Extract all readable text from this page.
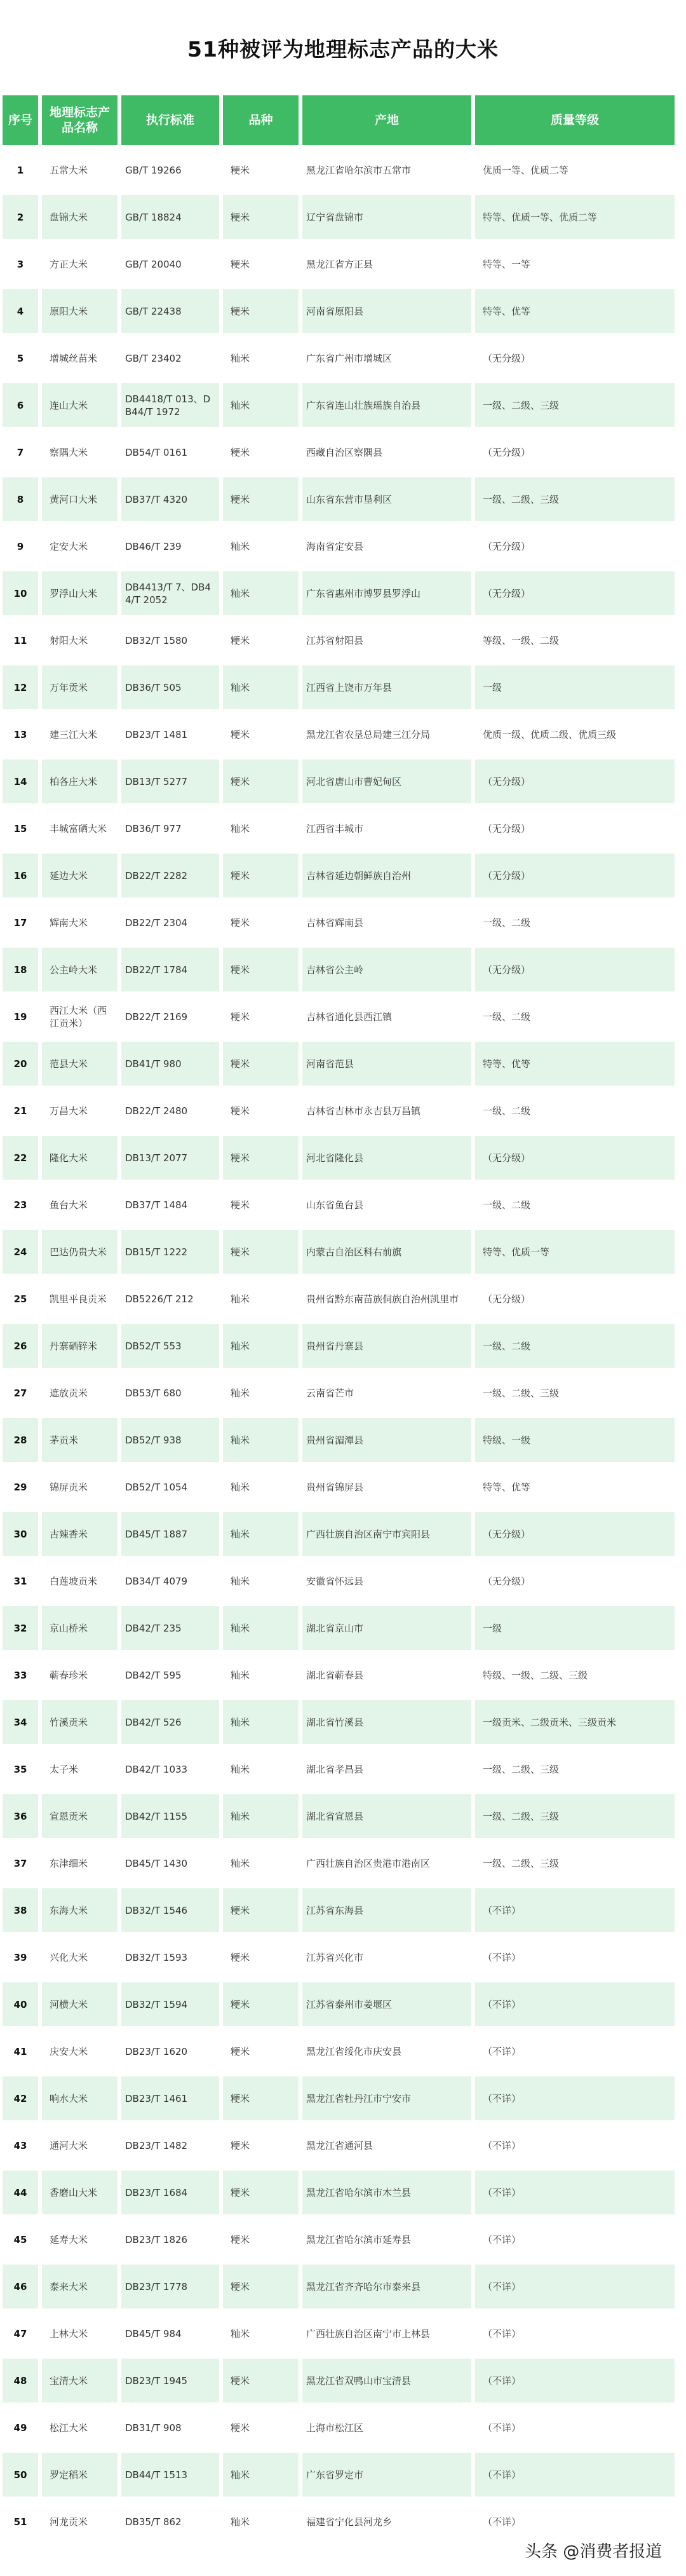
51种被评为地理标志产品的大米
序号	地理标志产品名称	执行标准	品种	产地	质量等级
1	五常大米	GB/T 19266	粳米	黑龙江省哈尔滨市五常市	优质一等、优质二等
2	盘锦大米	GB/T 18824	粳米	辽宁省盘锦市	特等、优质一等、优质二等
3	方正大米	GB/T 20040	粳米	黑龙江省方正县	特等、一等
4	原阳大米	GB/T 22438	粳米	河南省原阳县	特等、优等
5	增城丝苗米	GB/T 23402	籼米	广东省广州市增城区	（无分级）
6	连山大米	DB4418/T 013、DB44/T 1972	籼米	广东省连山壮族瑶族自治县	一级、二级、三级
7	察隅大米	DB54/T 0161	粳米	西藏自治区察隅县	（无分级）
8	黄河口大米	DB37/T 4320	粳米	山东省东营市垦利区	一级、二级、三级
9	定安大米	DB46/T 239	籼米	海南省定安县	（无分级）
10	罗浮山大米	DB4413/T 7、DB44/T 2052	籼米	广东省惠州市博罗县罗浮山	（无分级）
11	射阳大米	DB32/T 1580	粳米	江苏省射阳县	等级、一级、二级
12	万年贡米	DB36/T 505	籼米	江西省上饶市万年县	一级
13	建三江大米	DB23/T 1481	粳米	黑龙江省农垦总局建三江分局	优质一级、优质二级、优质三级
14	柏各庄大米	DB13/T 5277	粳米	河北省唐山市曹妃甸区	（无分级）
15	丰城富硒大米	DB36/T 977	籼米	江西省丰城市	（无分级）
16	延边大米	DB22/T 2282	粳米	吉林省延边朝鲜族自治州	（无分级）
17	辉南大米	DB22/T 2304	粳米	吉林省辉南县	一级、二级
18	公主岭大米	DB22/T 1784	粳米	吉林省公主岭	（无分级）
19	西江大米（西江贡米）	DB22/T 2169	粳米	吉林省通化县西江镇	一级、二级
20	范县大米	DB41/T 980	粳米	河南省范县	特等、优等
21	万昌大米	DB22/T 2480	粳米	吉林省吉林市永吉县万昌镇	一级、二级
22	隆化大米	DB13/T 2077	粳米	河北省隆化县	（无分级）
23	鱼台大米	DB37/T 1484	粳米	山东省鱼台县	一级、二级
24	巴达仍贵大米	DB15/T 1222	粳米	内蒙古自治区科右前旗	特等、优质一等
25	凯里平良贡米	DB5226/T 212	籼米	贵州省黔东南苗族侗族自治州凯里市	（无分级）
26	丹寨硒锌米	DB52/T 553	籼米	贵州省丹寨县	一级、二级
27	遮放贡米	DB53/T 680	籼米	云南省芒市	一级、二级、三级
28	茅贡米	DB52/T 938	籼米	贵州省湄潭县	特级、一级
29	锦屏贡米	DB52/T 1054	籼米	贵州省锦屏县	特等、优等
30	古辣香米	DB45/T 1887	籼米	广西壮族自治区南宁市宾阳县	（无分级）
31	白莲坡贡米	DB34/T 4079	籼米	安徽省怀远县	（无分级）
32	京山桥米	DB42/T 235	籼米	湖北省京山市	一级
33	蕲春珍米	DB42/T 595	籼米	湖北省蕲春县	特级、一级、二级、三级
34	竹溪贡米	DB42/T 526	籼米	湖北省竹溪县	一级贡米、二级贡米、三级贡米
35	太子米	DB42/T 1033	籼米	湖北省孝昌县	一级、二级、三级
36	宣恩贡米	DB42/T 1155	籼米	湖北省宣恩县	一级、二级、三级
37	东津细米	DB45/T 1430	籼米	广西壮族自治区贵港市港南区	一级、二级、三级
38	东海大米	DB32/T 1546	粳米	江苏省东海县	（不详）
39	兴化大米	DB32/T 1593	粳米	江苏省兴化市	（不详）
40	河横大米	DB32/T 1594	粳米	江苏省泰州市姜堰区	（不详）
41	庆安大米	DB23/T 1620	粳米	黑龙江省绥化市庆安县	（不详）
42	响水大米	DB23/T 1461	粳米	黑龙江省牡丹江市宁安市	（不详）
43	通河大米	DB23/T 1482	粳米	黑龙江省通河县	（不详）
44	香磨山大米	DB23/T 1684	粳米	黑龙江省哈尔滨市木兰县	（不详）
45	延寿大米	DB23/T 1826	粳米	黑龙江省哈尔滨市延寿县	（不详）
46	泰来大米	DB23/T 1778	粳米	黑龙江省齐齐哈尔市泰来县	（不详）
47	上林大米	DB45/T 984	籼米	广西壮族自治区南宁市上林县	（不详）
48	宝清大米	DB23/T 1945	粳米	黑龙江省双鸭山市宝清县	（不详）
49	松江大米	DB31/T 908	粳米	上海市松江区	（不详）
50	罗定稻米	DB44/T 1513	籼米	广东省罗定市	（不详）
51	河龙贡米	DB35/T 862	籼米	福建省宁化县河龙乡	（不详）
头条 @消费者报道
